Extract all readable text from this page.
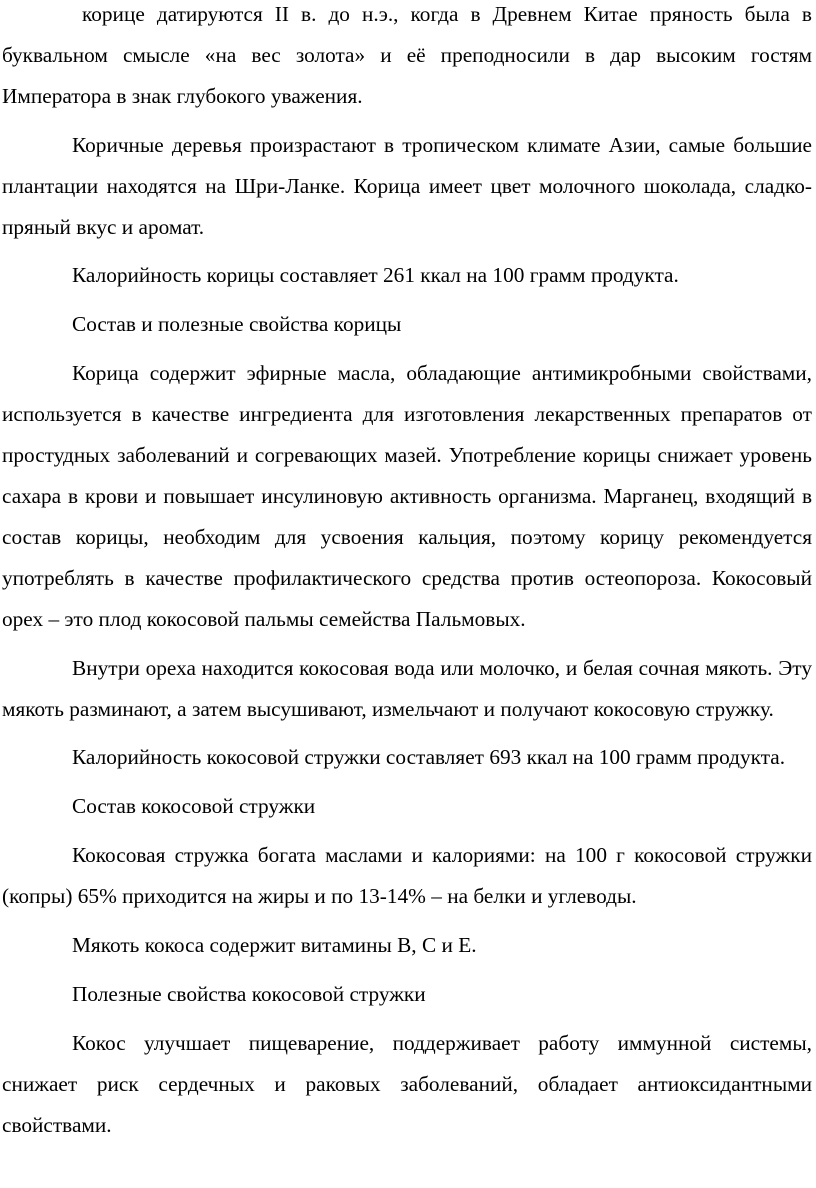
корице датируются II в. до н.э., когда в Древнем Китае пряность была в буквальном смысле «на вес золота» и её преподносили в дар высоким гостям Императора в знак глубокого уважения.

Коричные деревья произрастают в тропическом климате Азии, самые большие плантации находятся на Шри-Ланке. Корица имеет цвет молочного шоколада, сладко-пряный вкус и аромат.

Калорийность корицы составляет 261 ккал на 100 грамм продукта.

Состав и полезные свойства корицы

Корица содержит эфирные масла, обладающие антимикробными свойствами, используется в качестве ингредиента для изготовления лекарственных препаратов от простудных заболеваний и согревающих мазей. Употребление корицы снижает уровень сахара в крови и повышает инсулиновую активность организма. Марганец, входящий в состав корицы, необходим для усвоения кальция, поэтому корицу рекомендуется употреблять в качестве профилактического средства против остеопороза. Кокосовый орех – это плод кокосовой пальмы семейства Пальмовых.

Внутри ореха находится кокосовая вода или молочко, и белая сочная мякоть. Эту мякоть разминают, а затем высушивают, измельчают и получают кокосовую стружку.

Калорийность кокосовой стружки составляет 693 ккал на 100 грамм продукта.

Состав кокосовой стружки

Кокосовая стружка богата маслами и калориями: на 100 г кокосовой стружки (копры) 65% приходится на жиры и по 13-14% – на белки и углеводы.

Мякоть кокоса содержит витамины B, C и E.

Полезные свойства кокосовой стружки

Кокос улучшает пищеварение, поддерживает работу иммунной системы, снижает риск сердечных и раковых заболеваний, обладает антиоксидантными свойствами.
